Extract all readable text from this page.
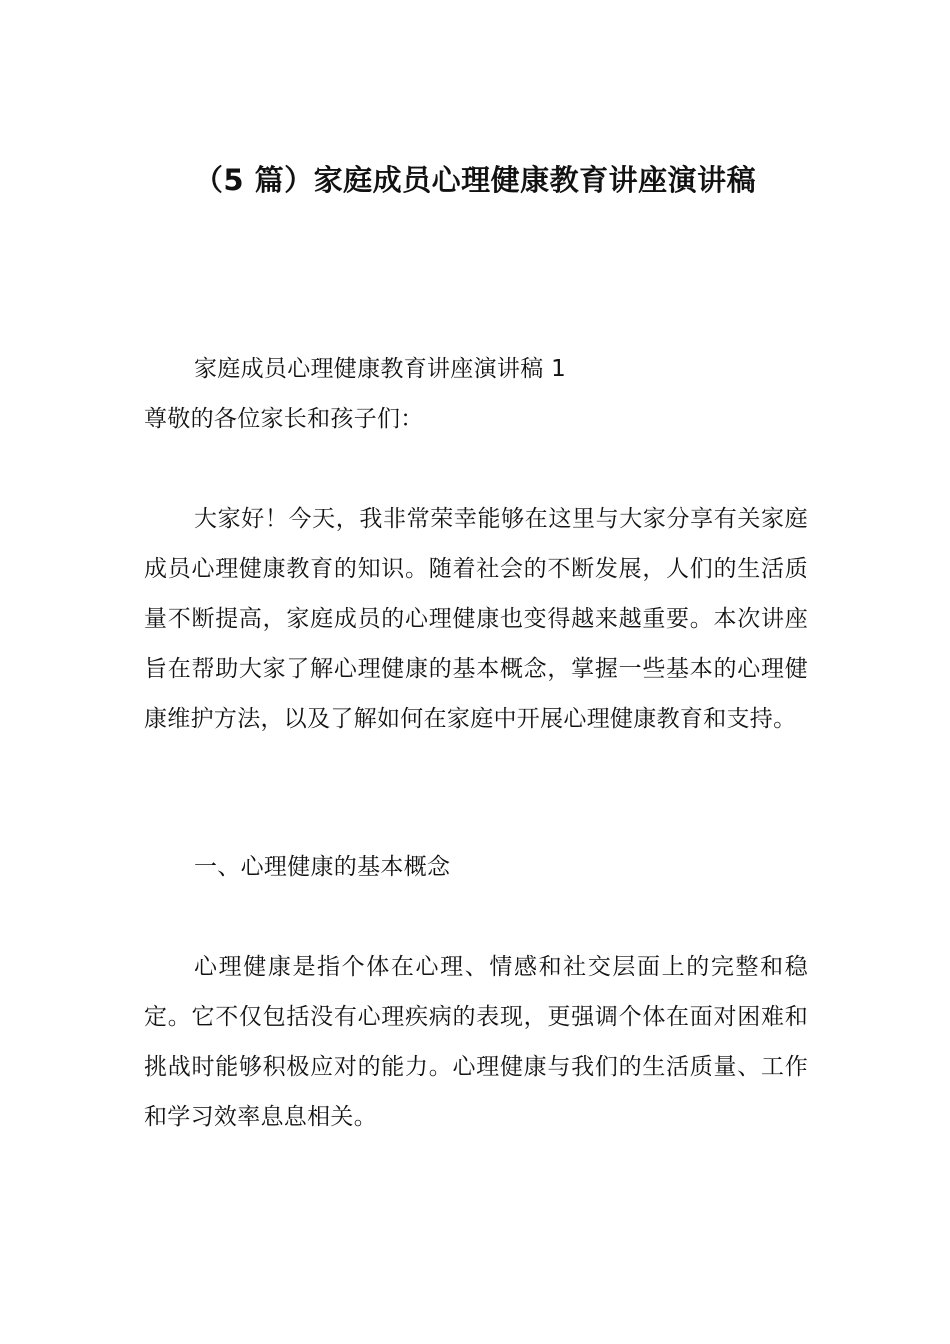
（5 篇）家庭成员心理健康教育讲座演讲稿

家庭成员心理健康教育讲座演讲稿 1

尊敬的各位家长和孩子们：

大家好！今天，我非常荣幸能够在这里与大家分享有关家庭成员心理健康教育的知识。随着社会的不断发展，人们的生活质量不断提高，家庭成员的心理健康也变得越来越重要。本次讲座旨在帮助大家了解心理健康的基本概念，掌握一些基本的心理健康维护方法，以及了解如何在家庭中开展心理健康教育和支持。

一、心理健康的基本概念

心理健康是指个体在心理、情感和社交层面上的完整和稳定。它不仅包括没有心理疾病的表现，更强调个体在面对困难和挑战时能够积极应对的能力。心理健康与我们的生活质量、工作和学习效率息息相关。
